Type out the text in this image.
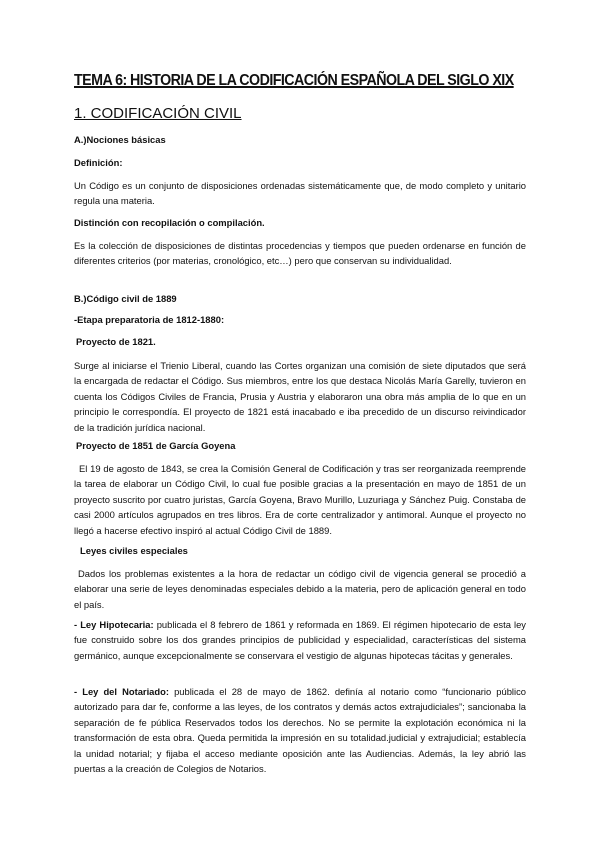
TEMA 6: HISTORIA DE LA CODIFICACIÓN ESPAÑOLA DEL SIGLO XIX
1. CODIFICACIÓN CIVIL
A.)Nociones básicas
Definición:

Un Código es un conjunto de disposiciones ordenadas sistemáticamente que, de modo completo y unitario regula una materia.

Distinción con recopilación o compilación.

Es la colección de disposiciones de distintas procedencias y tiempos que pueden ordenarse en función de diferentes criterios (por materias, cronológico, etc…) pero que conservan su individualidad.

B.)Código civil de 1889
-Etapa preparatoria de 1812-1880:
Proyecto de 1821.

Surge al iniciarse el Trienio Liberal, cuando las Cortes organizan una comisión de siete diputados que será la encargada de redactar el Código. Sus miembros, entre los que destaca Nicolás María Garelly, tuvieron en cuenta los Códigos Civiles de Francia, Prusia y Austria y elaboraron una obra más amplia de lo que en un principio le correspondía. El proyecto de 1821 está inacabado e iba precedido de un discurso reivindicador de la tradición jurídica nacional.

Proyecto de 1851 de García Goyena

El 19 de agosto de 1843, se crea la Comisión General de Codificación y tras ser reorganizada reemprende la tarea de elaborar un Código Civil, lo cual fue posible gracias a la presentación en mayo de 1851 de un proyecto suscrito por cuatro juristas, García Goyena, Bravo Murillo, Luzuriaga y Sánchez Puig. Constaba de casi 2000 artículos agrupados en tres libros. Era de corte centralizador y antimoral. Aunque el proyecto no llegó a hacerse efectivo inspiró al actual Código Civil de 1889.

Leyes civiles especiales

Dados los problemas existentes a la hora de redactar un código civil de vigencia general se procedió a elaborar una serie de leyes denominadas especiales debido a la materia, pero de aplicación general en todo el país.

- Ley Hipotecaria: publicada el 8 febrero de 1861 y reformada en 1869. El régimen hipotecario de esta ley fue construido sobre los dos grandes principios de publicidad y especialidad, características del sistema germánico, aunque excepcionalmente se conservara el vestigio de algunas hipotecas tácitas y generales.

- Ley del Notariado: publicada el 28 de mayo de 1862. definía al notario como “funcionario público autorizado para dar fe, conforme a las leyes, de los contratos y demás actos extrajudiciales”; sancionaba la separación de fe pública Reservados todos los derechos. No se permite la explotación económica ni la transformación de esta obra. Queda permitida la impresión en su totalidad.judicial y extrajudicial; establecía la unidad notarial; y fijaba el acceso mediante oposición ante las Audiencias. Además, la ley abrió las puertas a la creación de Colegios de Notarios.
